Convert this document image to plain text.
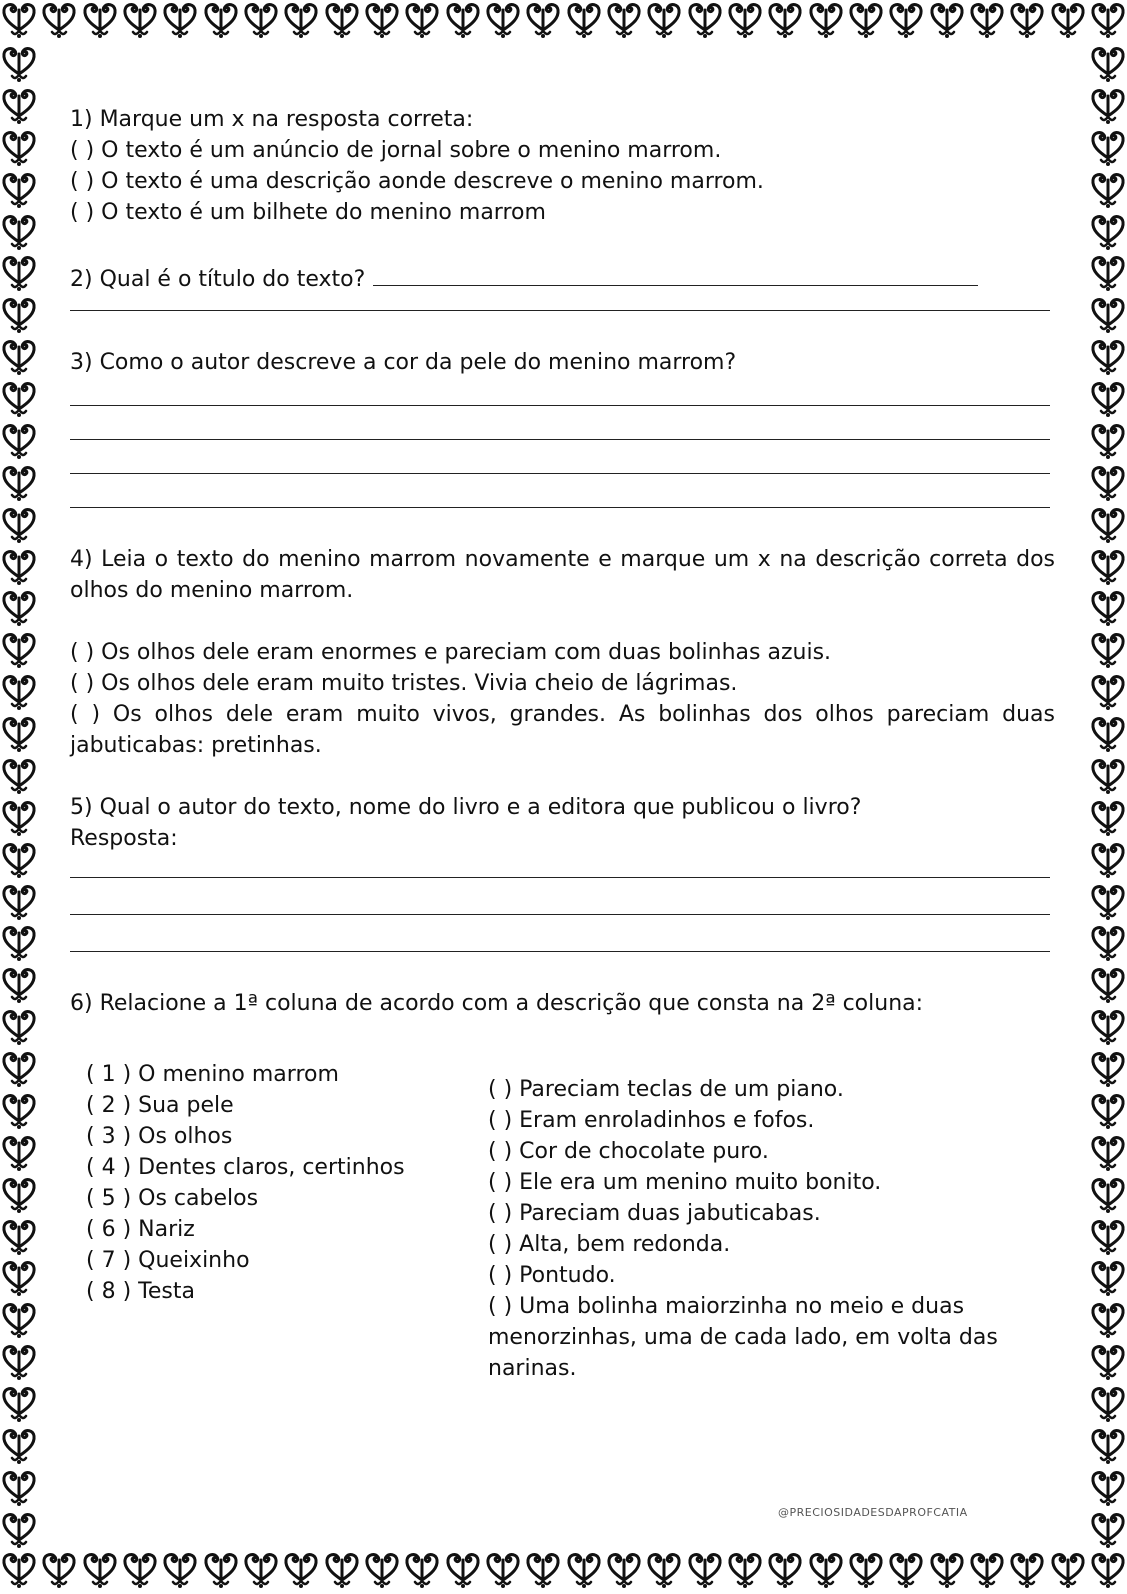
1) Marque um x na resposta correta:

( ) O texto é um anúncio de jornal sobre o menino marrom.

( ) O texto é uma descrição aonde descreve o menino marrom.

( ) O texto é um bilhete do menino marrom

2) Qual é o título do texto?

3) Como o autor descreve a cor da pele do menino marrom?

4) Leia o texto do menino marrom novamente e marque um x na descrição correta dos olhos do menino marrom.

( ) Os olhos dele eram enormes e pareciam com duas bolinhas azuis.

( ) Os olhos dele eram muito tristes. Vivia cheio de lágrimas.

( ) Os olhos dele eram muito vivos, grandes. As bolinhas dos olhos pareciam duas jabuticabas: pretinhas.

5) Qual o autor do texto, nome do livro e a editora que publicou o livro?

Resposta:

6) Relacione a 1ª coluna de acordo com a descrição que consta na 2ª coluna:

( 1 ) O menino marrom

( 2 ) Sua pele

( 3 ) Os olhos

( 4 ) Dentes claros, certinhos

( 5 ) Os cabelos

( 6 ) Nariz

( 7 ) Queixinho

( 8 ) Testa

( ) Pareciam teclas de um piano.

( ) Eram enroladinhos e fofos.

( ) Cor de chocolate puro.

( ) Ele era um menino muito bonito.

( ) Pareciam duas jabuticabas.

( ) Alta, bem redonda.

( ) Pontudo.

( ) Uma bolinha maiorzinha no meio e duas menorzinhas, uma de cada lado, em volta das narinas.

@PRECIOSIDADESDAPROFCATIA
